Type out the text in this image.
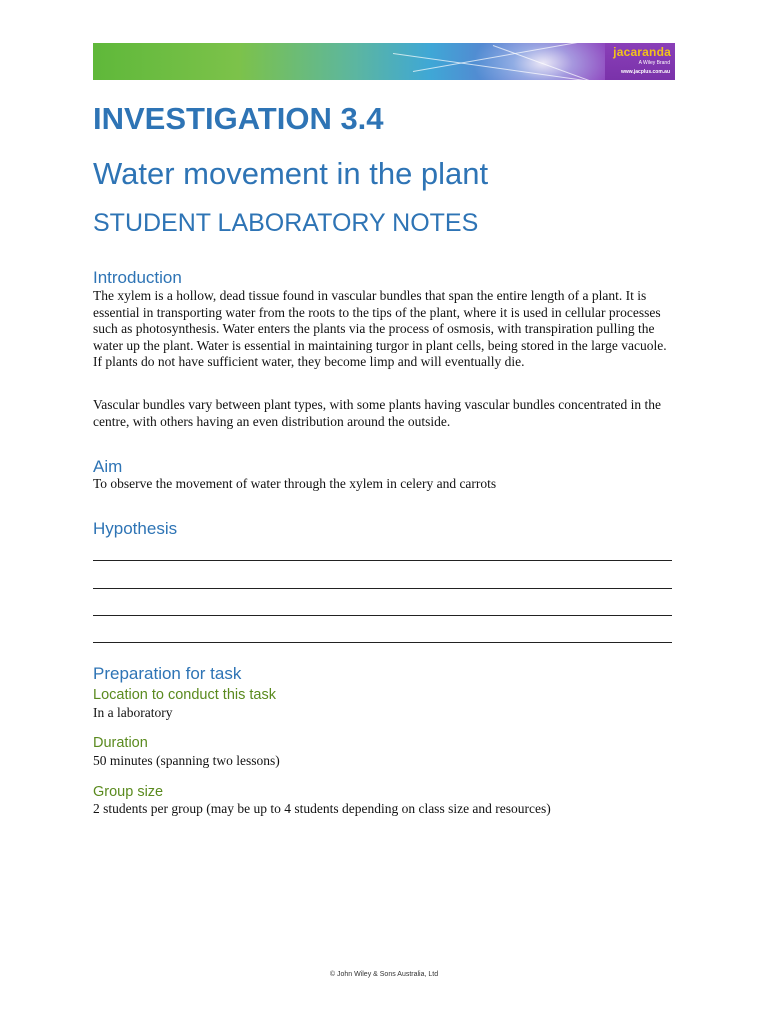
jacaranda
A Wiley Brand
www.jacplus.com.au
INVESTIGATION 3.4
Water movement in the plant
STUDENT LABORATORY NOTES
Introduction
The xylem is a hollow, dead tissue found in vascular bundles that span the entire length of a plant. It is essential in transporting water from the roots to the tips of the plant, where it is used in cellular processes such as photosynthesis. Water enters the plants via the process of osmosis, with transpiration pulling the water up the plant. Water is essential in maintaining turgor in plant cells, being stored in the large vacuole. If plants do not have sufficient water, they become limp and will eventually die.
Vascular bundles vary between plant types, with some plants having vascular bundles concentrated in the centre, with others having an even distribution around the outside.
Aim
To observe the movement of water through the xylem in celery and carrots
Hypothesis
Preparation for task
Location to conduct this task
In a laboratory
Duration
50 minutes (spanning two lessons)
Group size
2 students per group (may be up to 4 students depending on class size and resources)
© John Wiley & Sons Australia, Ltd
